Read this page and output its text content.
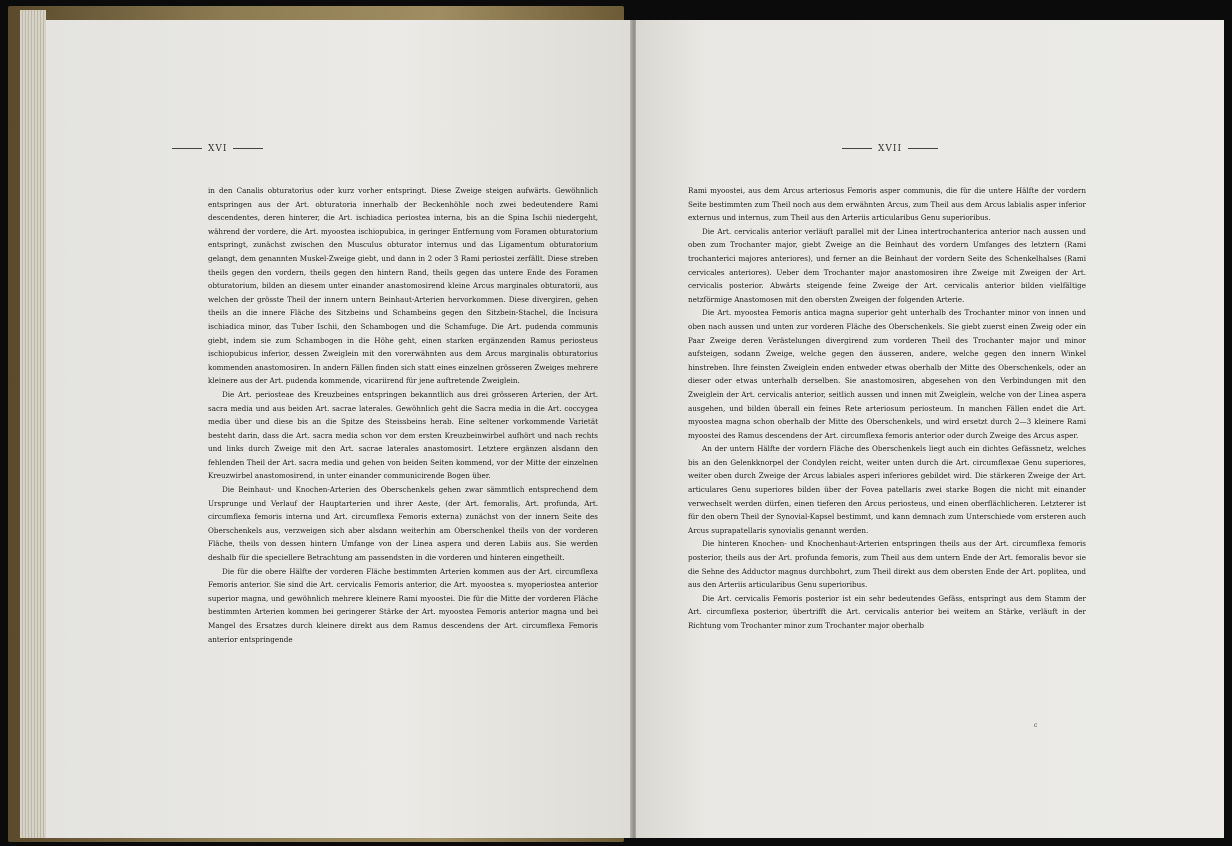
XVI

in den Canalis obturatorius oder kurz vorher entspringt. Diese Zweige steigen aufwärts. Gewöhnlich entspringen aus der Art. obturatoria innerhalb der Beckenhöhle noch zwei bedeutendere Rami descendentes, deren hinterer, die Art. ischiadica periostea interna, bis an die Spina Ischii niedergeht, während der vordere, die Art. myoostea ischiopubica, in geringer Entfernung vom Foramen obturatorium entspringt, zunächst zwischen den Musculus obturator internus und das Ligamentum obturatorium gelangt, dem genannten Muskel-Zweige giebt, und dann in 2 oder 3 Rami periostei zerfällt. Diese streben theils gegen den vordern, theils gegen den hintern Rand, theils gegen das untere Ende des Foramen obturatorium, bilden an diesem unter einander anastomosirend kleine Arcus marginales obturatorii, aus welchen der grösste Theil der innern untern Beinhaut-Arterien hervorkommen. Diese divergiren, gehen theils an die innere Fläche des Sitzbeins und Schambeins gegen den Sitzbein-Stachel, die Incisura ischiadica minor, das Tuber Ischii, den Schambogen und die Schamfuge. Die Art. pudenda communis giebt, indem sie zum Schambogen in die Höhe geht, einen starken ergänzenden Ramus periosteus ischiopubicus inferior, dessen Zweiglein mit den vorerwähnten aus dem Arcus marginalis obturatorius kommenden anastomosiren. In andern Fällen finden sich statt eines einzelnen grösseren Zweiges mehrere kleinere aus der Art. pudenda kommende, vicariirend für jene auftretende Zweiglein.

Die Art. periosteae des Kreuzbeines entspringen bekanntlich aus drei grösseren Arterien, der Art. sacra media und aus beiden Art. sacrae laterales. Gewöhnlich geht die Sacra media in die Art. coccygea media über und diese bis an die Spitze des Steissbeins herab. Eine seltener vorkommende Varietät besteht darin, dass die Art. sacra media schon vor dem ersten Kreuzbeinwirbel aufhört und nach rechts und links durch Zweige mit den Art. sacrae laterales anastomosirt. Letztere ergänzen alsdann den fehlenden Theil der Art. sacra media und gehen von beiden Seiten kommend, vor der Mitte der einzelnen Kreuzwirbel anastomosirend, in unter einander communicirende Bogen über.

Die Beinhaut- und Knochen-Arterien des Oberschenkels gehen zwar sämmtlich entsprechend dem Ursprunge und Verlauf der Hauptarterien und ihrer Aeste, (der Art. femoralis, Art. profunda, Art. circumflexa femoris interna und Art. circumflexa Femoris externa) zunächst von der innern Seite des Oberschenkels aus, verzweigen sich aber alsdann weiterhin am Oberschenkel theils von der vorderen Fläche, theils von dessen hintern Umfange von der Linea aspera und deren Labiis aus. Sie werden deshalb für die speciellere Betrachtung am passendsten in die vorderen und hinteren eingetheilt.

Die für die obere Hälfte der vorderen Fläche bestimmten Arterien kommen aus der Art. circumflexa Femoris anterior. Sie sind die Art. cervicalis Femoris anterior, die Art. myoostea s. myoperiostea anterior superior magna, und gewöhnlich mehrere kleinere Rami myoostei. Die für die Mitte der vorderen Fläche bestimmten Arterien kommen bei geringerer Stärke der Art. myoostea Femoris anterior magna und bei Mangel des Ersatzes durch kleinere direkt aus dem Ramus descendens der Art. circumflexa Femoris anterior entspringende

XVII

Rami myoostei, aus dem Arcus arteriosus Femoris asper communis, die für die untere Hälfte der vordern Seite bestimmten zum Theil noch aus dem erwähnten Arcus, zum Theil aus dem Arcus labialis asper inferior externus und internus, zum Theil aus den Arteriis articularibus Genu superioribus.

Die Art. cervicalis anterior verläuft parallel mit der Linea intertrochanterica anterior nach aussen und oben zum Trochanter major, giebt Zweige an die Beinhaut des vordern Umfanges des letztern (Rami trochanterici majores anteriores), und ferner an die Beinhaut der vordern Seite des Schenkelhalses (Rami cervicales anteriores). Ueber dem Trochanter major anastomosiren ihre Zweige mit Zweigen der Art. cervicalis posterior. Abwärts steigende feine Zweige der Art. cervicalis anterior bilden vielfältige netzförmige Anastomosen mit den obersten Zweigen der folgenden Arterie.

Die Art. myoostea Femoris antica magna superior geht unterhalb des Trochanter minor von innen und oben nach aussen und unten zur vorderen Fläche des Oberschenkels. Sie giebt zuerst einen Zweig oder ein Paar Zweige deren Verästelungen divergirend zum vorderen Theil des Trochanter major und minor aufsteigen, sodann Zweige, welche gegen den äusseren, andere, welche gegen den innern Winkel hinstreben. Ihre feinsten Zweiglein enden entweder etwas oberhalb der Mitte des Oberschenkels, oder an dieser oder etwas unterhalb derselben. Sie anastomosiren, abgesehen von den Verbindungen mit den Zweiglein der Art. cervicalis anterior, seitlich aussen und innen mit Zweiglein, welche von der Linea aspera ausgehen, und bilden überall ein feines Rete arteriosum periosteum. In manchen Fällen endet die Art. myoostea magna schon oberhalb der Mitte des Oberschenkels, und wird ersetzt durch 2—3 kleinere Rami myoostei des Ramus descendens der Art. circumflexa femoris anterior oder durch Zweige des Arcus asper.

An der untern Hälfte der vordern Fläche des Oberschenkels liegt auch ein dichtes Gefässnetz, welches bis an den Gelenkknorpel der Condylen reicht, weiter unten durch die Art. circumflexae Genu superiores, weiter oben durch Zweige der Arcus labiales asperi inferiores gebildet wird. Die stärkeren Zweige der Art. articulares Genu superiores bilden über der Fovea patellaris zwei starke Bogen die nicht mit einander verwechselt werden dürfen, einen tieferen den Arcus periosteus, und einen oberflächlicheren. Letzterer ist für den obern Theil der Synovial-Kapsel bestimmt, und kann demnach zum Unterschiede vom ersteren auch Arcus suprapatellaris synovialis genannt werden.

Die hinteren Knochen- und Knochenhaut-Arterien entspringen theils aus der Art. circumflexa femoris posterior, theils aus der Art. profunda femoris, zum Theil aus dem untern Ende der Art. femoralis bevor sie die Sehne des Adductor magnus durchbohrt, zum Theil direkt aus dem obersten Ende der Art. poplitea, und aus den Arteriis articularibus Genu superioribus.

Die Art. cervicalis Femoris posterior ist ein sehr bedeutendes Gefäss, entspringt aus dem Stamm der Art. circumflexa posterior, übertrifft die Art. cervicalis anterior bei weitem an Stärke, verläuft in der Richtung vom Trochanter minor zum Trochanter major oberhalb

c
